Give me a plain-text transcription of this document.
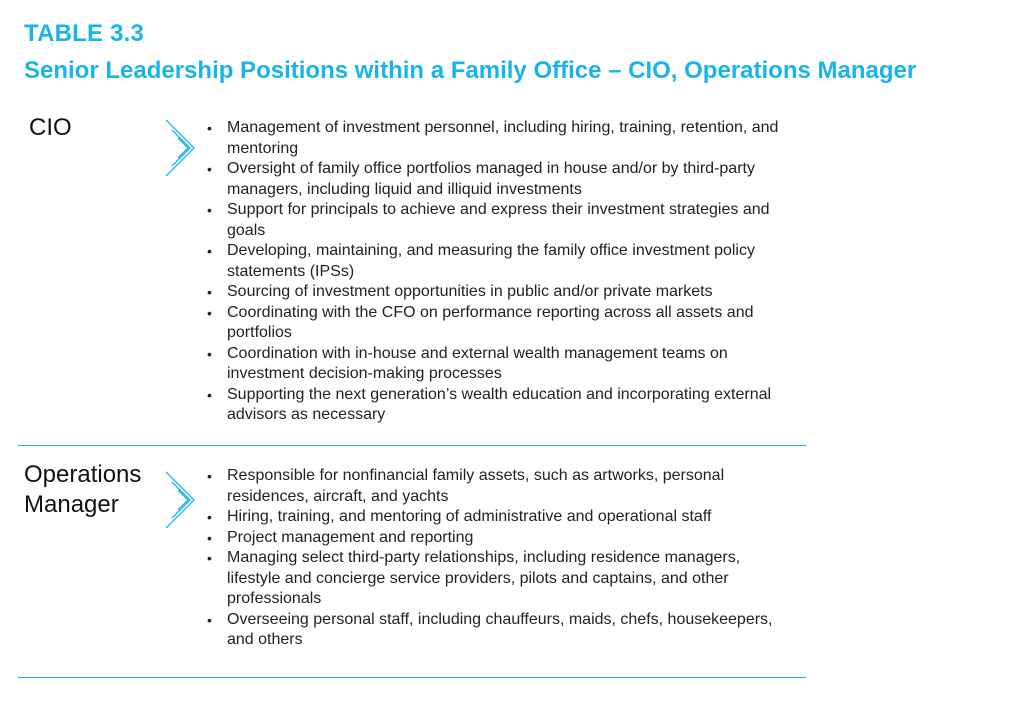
TABLE 3.3
Senior Leadership Positions within a Family Office – CIO, Operations Manager
CIO	• Management of investment personnel, including hiring, training, retention, and mentoring
• Oversight of family office portfolios managed in house and/or by third-party managers, including liquid and illiquid investments
• Support for principals to achieve and express their investment strategies and goals
• Developing, maintaining, and measuring the family office investment policy statements (IPSs)
• Sourcing of investment opportunities in public and/or private markets
• Coordinating with the CFO on performance reporting across all assets and portfolios
• Coordination with in-house and external wealth management teams on investment decision-making processes
• Supporting the next generation’s wealth education and incorporating external advisors as necessary
Operations Manager
• Responsible for nonfinancial family assets, such as artworks, personal residences, aircraft, and yachts
• Hiring, training, and mentoring of administrative and operational staff
• Project management and reporting
• Managing select third-party relationships, including residence managers, lifestyle and concierge service providers, pilots and captains, and other professionals
• Overseeing personal staff, including chauffeurs, maids, chefs, housekeepers, and others
